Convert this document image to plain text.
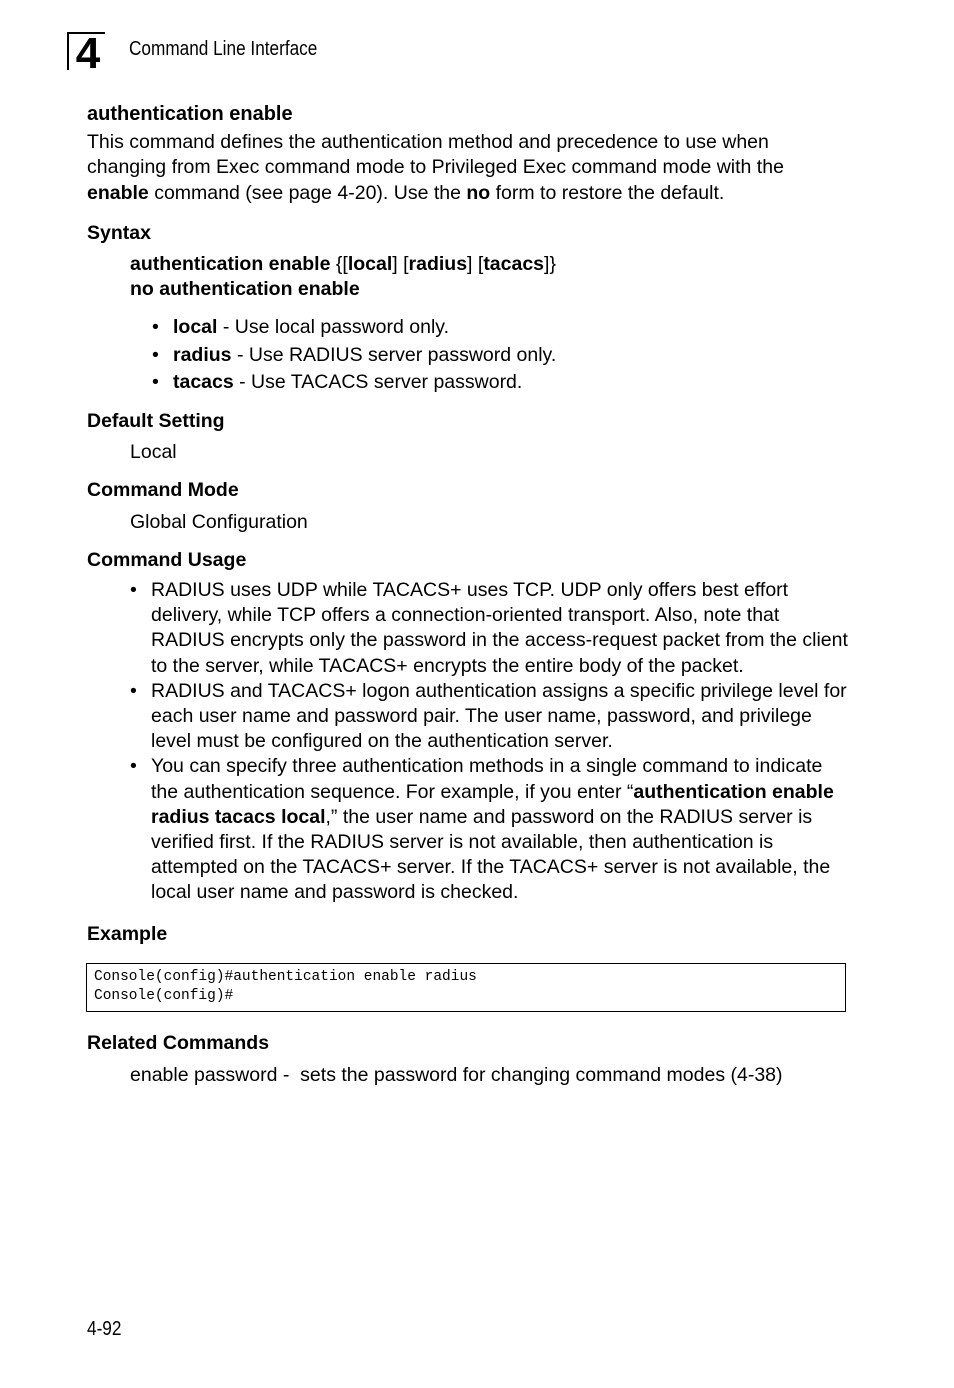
4 Command Line Interface
authentication enable
This command defines the authentication method and precedence to use when changing from Exec command mode to Privileged Exec command mode with the enable command (see page 4-20). Use the no form to restore the default.
Syntax
authentication enable {[local] [radius] [tacacs]}
no authentication enable
• local - Use local password only.
• radius - Use RADIUS server password only.
• tacacs - Use TACACS server password.
Default Setting
Local
Command Mode
Global Configuration
Command Usage
• RADIUS uses UDP while TACACS+ uses TCP. UDP only offers best effort delivery, while TCP offers a connection-oriented transport. Also, note that RADIUS encrypts only the password in the access-request packet from the client to the server, while TACACS+ encrypts the entire body of the packet.
• RADIUS and TACACS+ logon authentication assigns a specific privilege level for each user name and password pair. The user name, password, and privilege level must be configured on the authentication server.
• You can specify three authentication methods in a single command to indicate the authentication sequence. For example, if you enter “authentication enable radius tacacs local,” the user name and password on the RADIUS server is verified first. If the RADIUS server is not available, then authentication is attempted on the TACACS+ server. If the TACACS+ server is not available, the local user name and password is checked.
Example
Console(config)#authentication enable radius
Console(config)#
Related Commands
enable password -  sets the password for changing command modes (4-38)
4-92
